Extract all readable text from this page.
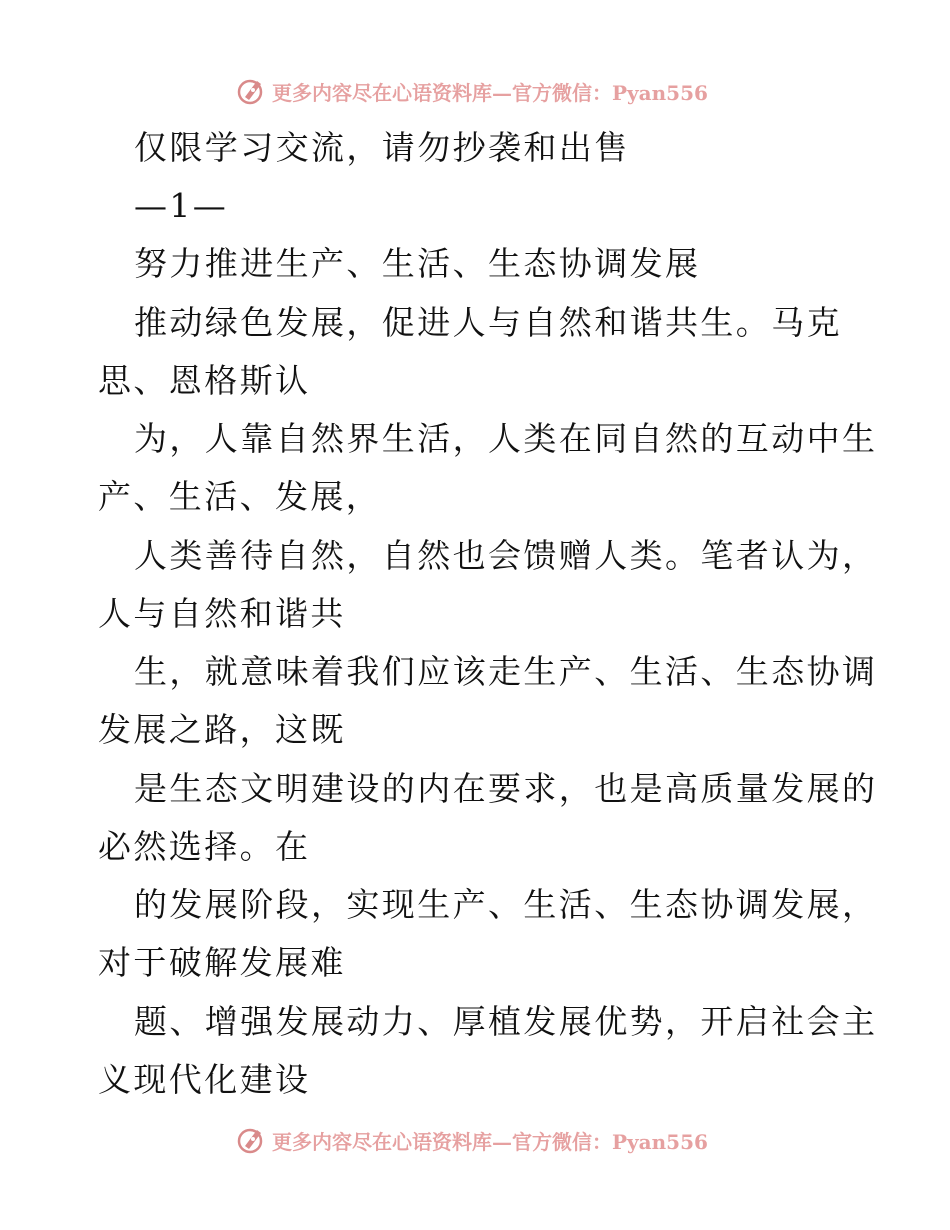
更多内容尽在心语资料库—官方微信：Pyan556
仅限学习交流，请勿抄袭和出售
—1—
努力推进生产、生活、生态协调发展
推动绿色发展，促进人与自然和谐共生。马克
思、恩格斯认
为，人靠自然界生活，人类在同自然的互动中生
产、生活、发展，
人类善待自然，自然也会馈赠人类。笔者认为，
人与自然和谐共
生，就意味着我们应该走生产、生活、生态协调
发展之路，这既
是生态文明建设的内在要求，也是高质量发展的
必然选择。在
的发展阶段，实现生产、生活、生态协调发展，
对于破解发展难
题、增强发展动力、厚植发展优势，开启社会主
义现代化建设
更多内容尽在心语资料库—官方微信：Pyan556
